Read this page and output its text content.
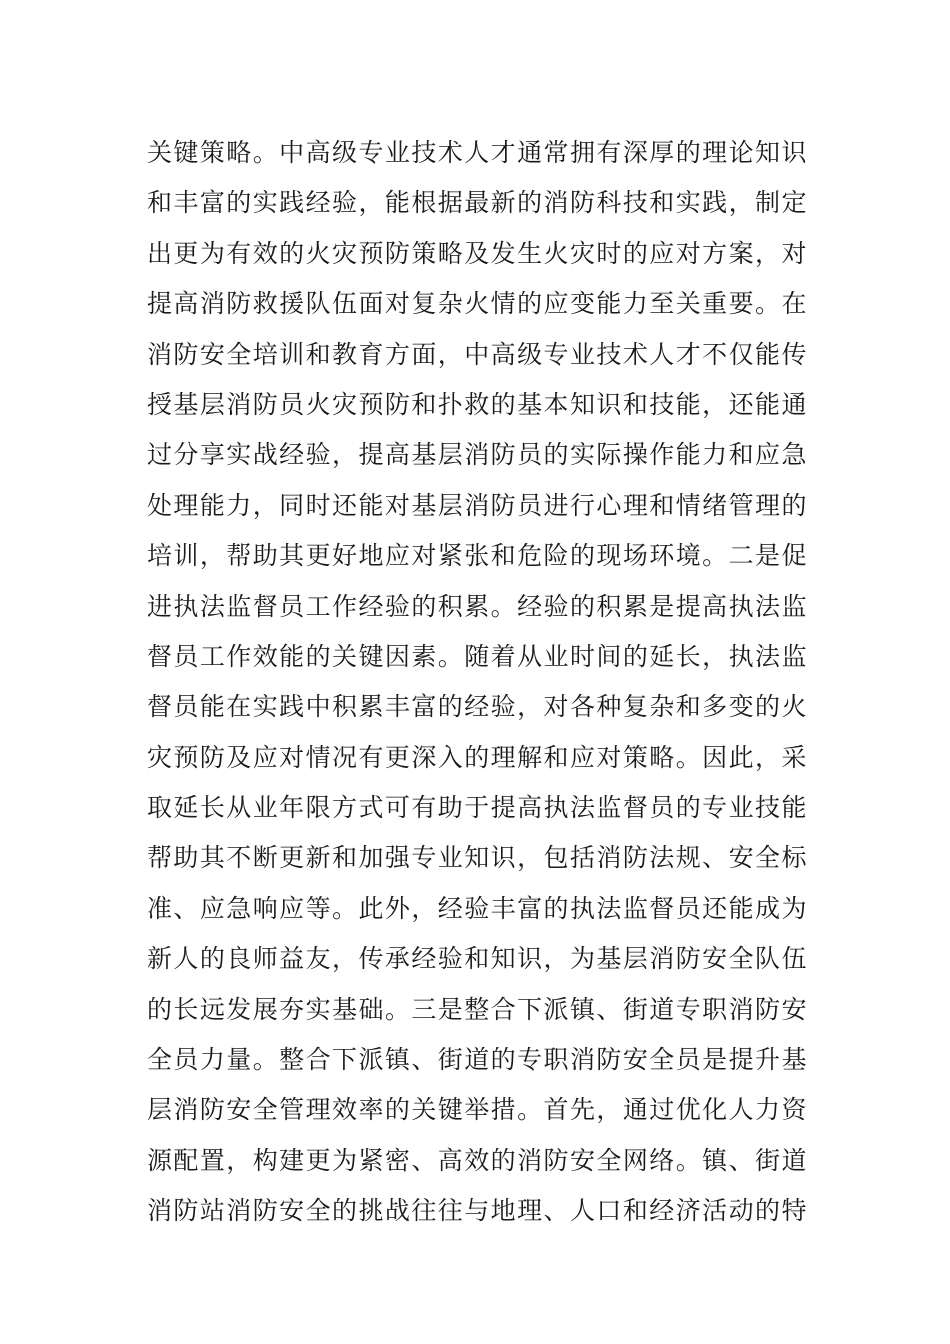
关键策略。中高级专业技术人才通常拥有深厚的理论知识
和丰富的实践经验，能根据最新的消防科技和实践，制定
出更为有效的火灾预防策略及发生火灾时的应对方案，对
提高消防救援队伍面对复杂火情的应变能力至关重要。在
消防安全培训和教育方面，中高级专业技术人才不仅能传
授基层消防员火灾预防和扑救的基本知识和技能，还能通
过分享实战经验，提高基层消防员的实际操作能力和应急
处理能力，同时还能对基层消防员进行心理和情绪管理的
培训，帮助其更好地应对紧张和危险的现场环境。二是促
进执法监督员工作经验的积累。经验的积累是提高执法监
督员工作效能的关键因素。随着从业时间的延长，执法监
督员能在实践中积累丰富的经验，对各种复杂和多变的火
灾预防及应对情况有更深入的理解和应对策略。因此，采
取延长从业年限方式可有助于提高执法监督员的专业技能
帮助其不断更新和加强专业知识，包括消防法规、安全标
准、应急响应等。此外，经验丰富的执法监督员还能成为
新人的良师益友，传承经验和知识，为基层消防安全队伍
的长远发展夯实基础。三是整合下派镇、街道专职消防安
全员力量。整合下派镇、街道的专职消防安全员是提升基
层消防安全管理效率的关键举措。首先，通过优化人力资
源配置，构建更为紧密、高效的消防安全网络。镇、街道
消防站消防安全的挑战往往与地理、人口和经济活动的特
